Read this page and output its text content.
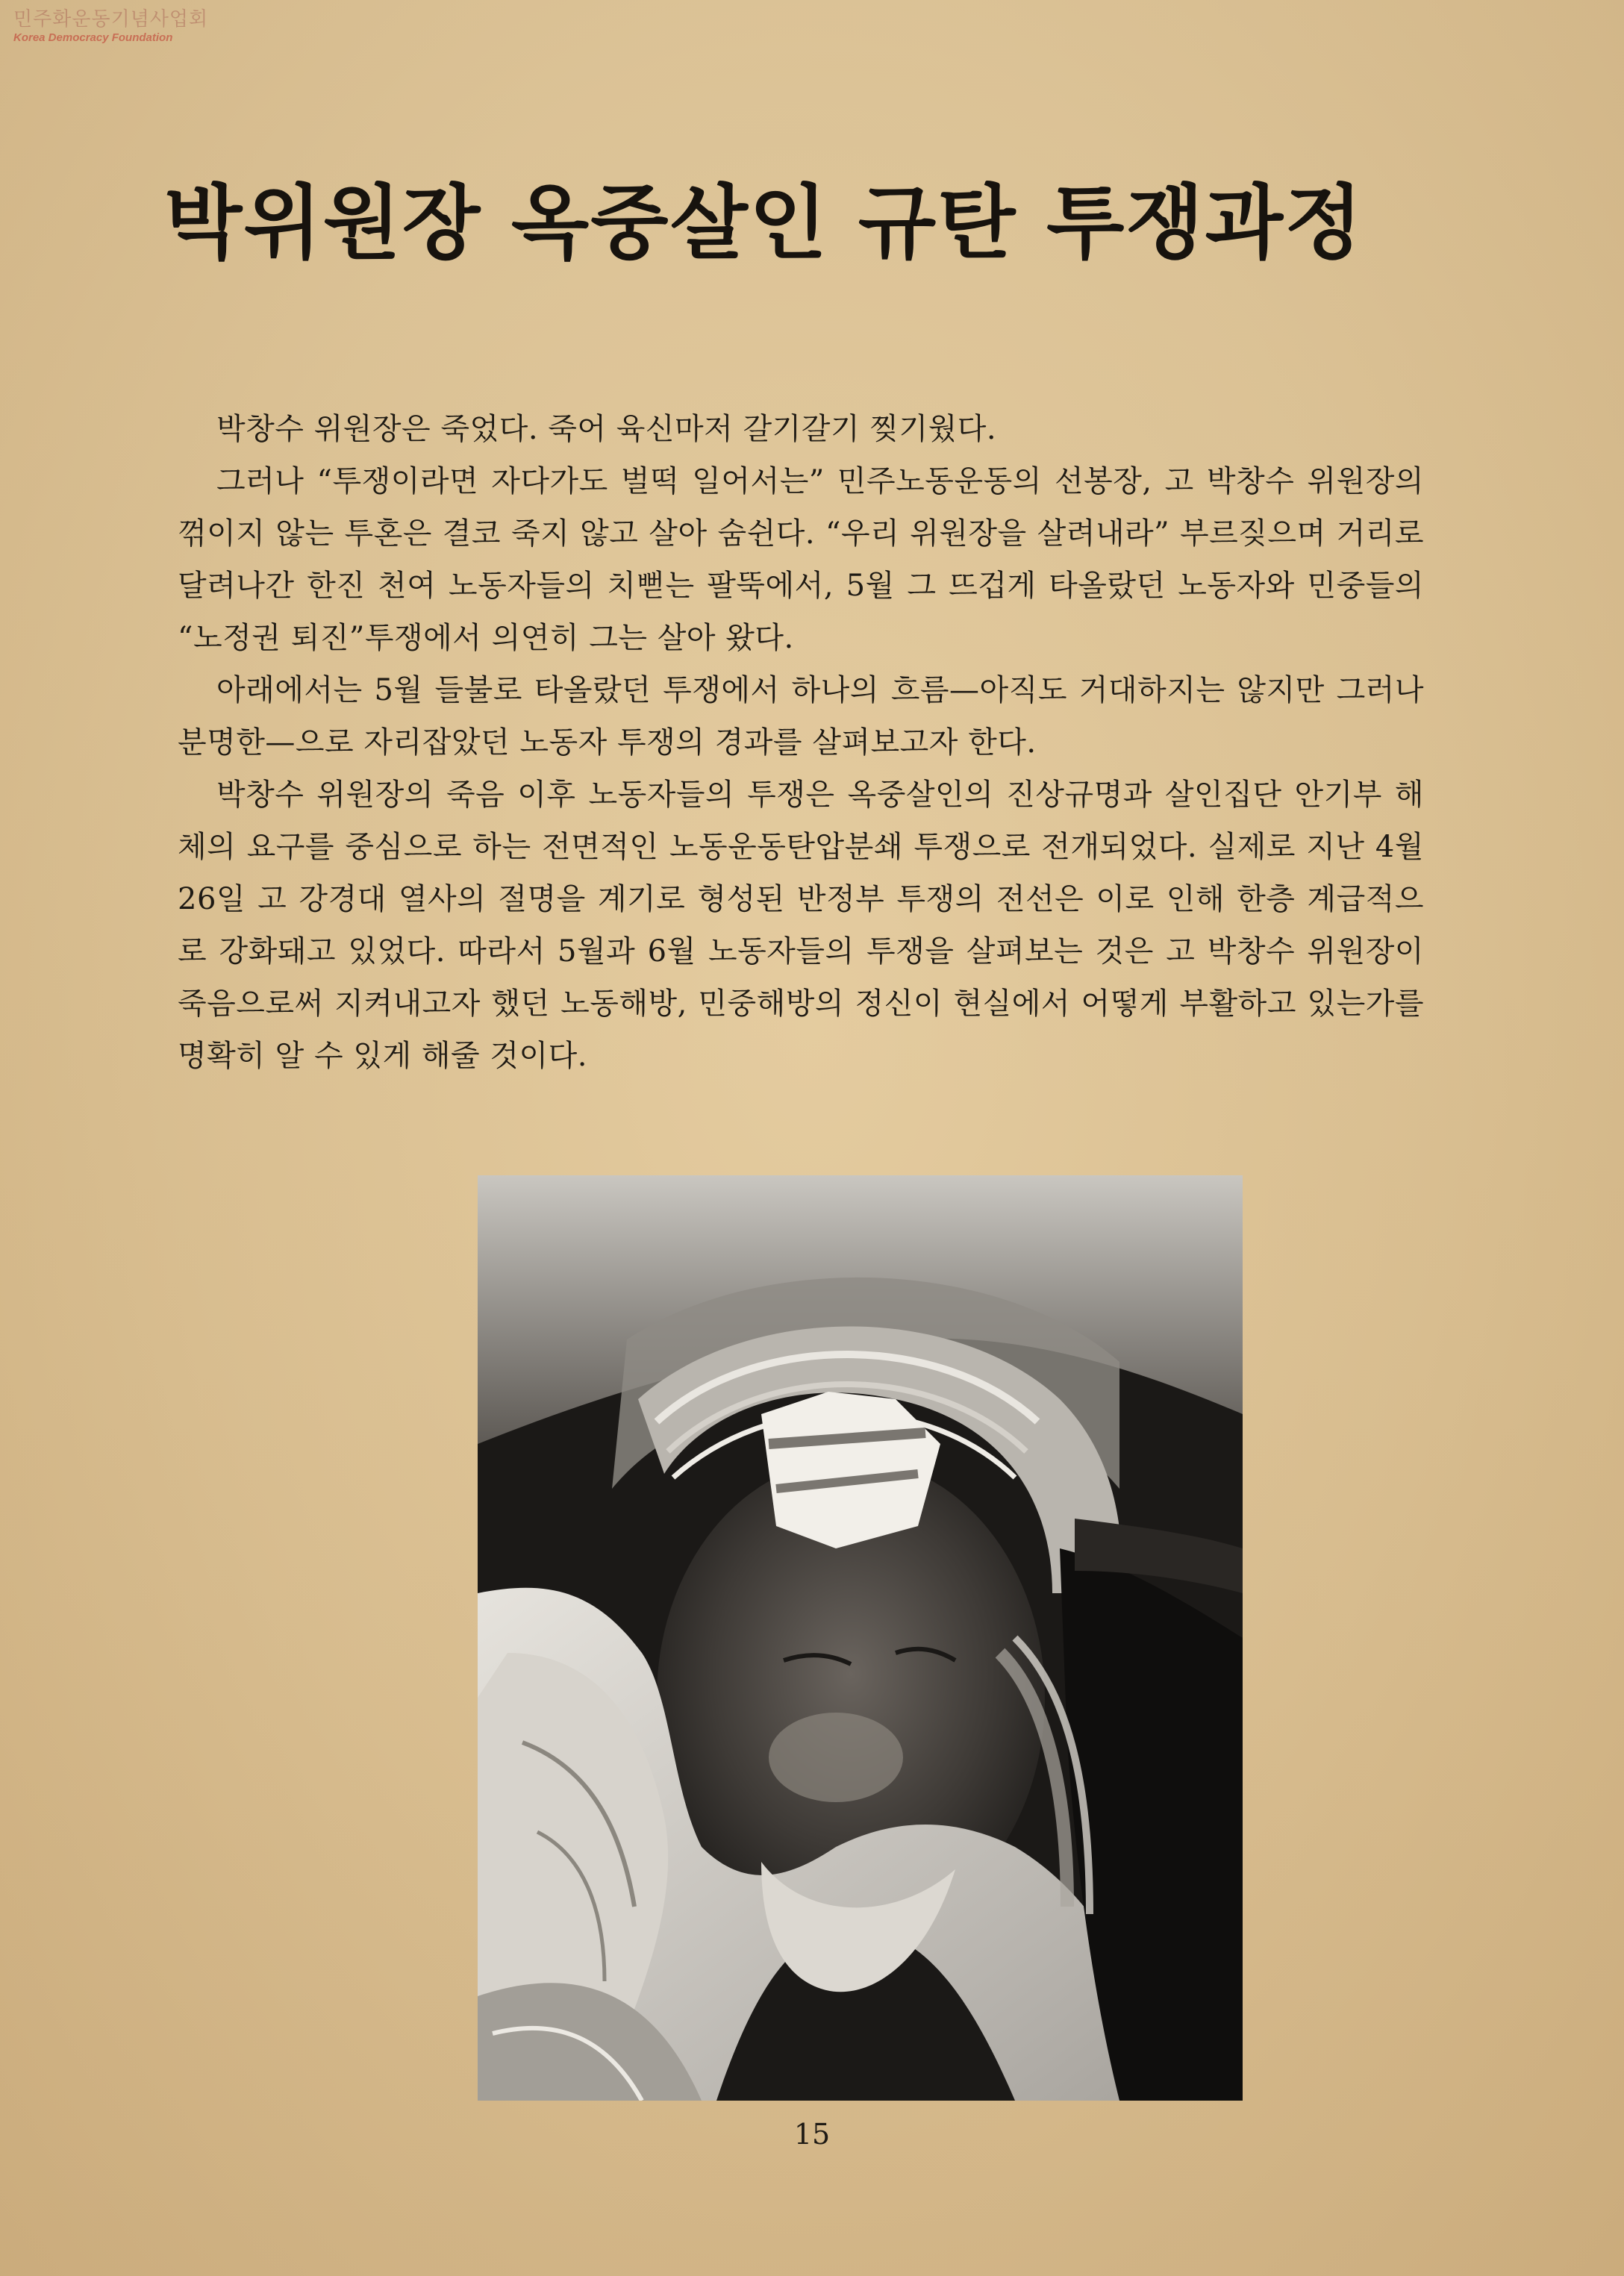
민주화운동기념사업회
Korea Democracy Foundation
박위원장 옥중살인 규탄 투쟁과정

박창수 위원장은 죽었다. 죽어 육신마저 갈기갈기 찢기웠다.

그러나 “투쟁이라면 자다가도 벌떡 일어서는” 민주노동운동의 선봉장, 고 박창수 위원장의 꺾이지 않는 투혼은 결코 죽지 않고 살아 숨쉰다. “우리 위원장을 살려내라” 부르짖으며 거리로 달려나간 한진 천여 노동자들의 치뻗는 팔뚝에서, 5월 그 뜨겁게 타올랐던 노동자와 민중들의 “노정권 퇴진”투쟁에서 의연히 그는 살아 왔다.

아래에서는 5월 들불로 타올랐던 투쟁에서 하나의 흐름—아직도 거대하지는 않지만 그러나 분명한—으로 자리잡았던 노동자 투쟁의 경과를 살펴보고자 한다.

박창수 위원장의 죽음 이후 노동자들의 투쟁은 옥중살인의 진상규명과 살인집단 안기부 해체의 요구를 중심으로 하는 전면적인 노동운동탄압분쇄 투쟁으로 전개되었다. 실제로 지난 4월 26일 고 강경대 열사의 절명을 계기로 형성된 반정부 투쟁의 전선은 이로 인해 한층 계급적으로 강화돼고 있었다. 따라서 5월과 6월 노동자들의 투쟁을 살펴보는 것은 고 박창수 위원장이 죽음으로써 지켜내고자 했던 노동해방, 민중해방의 정신이 현실에서 어떻게 부활하고 있는가를 명확히 알 수 있게 해줄 것이다.

15
